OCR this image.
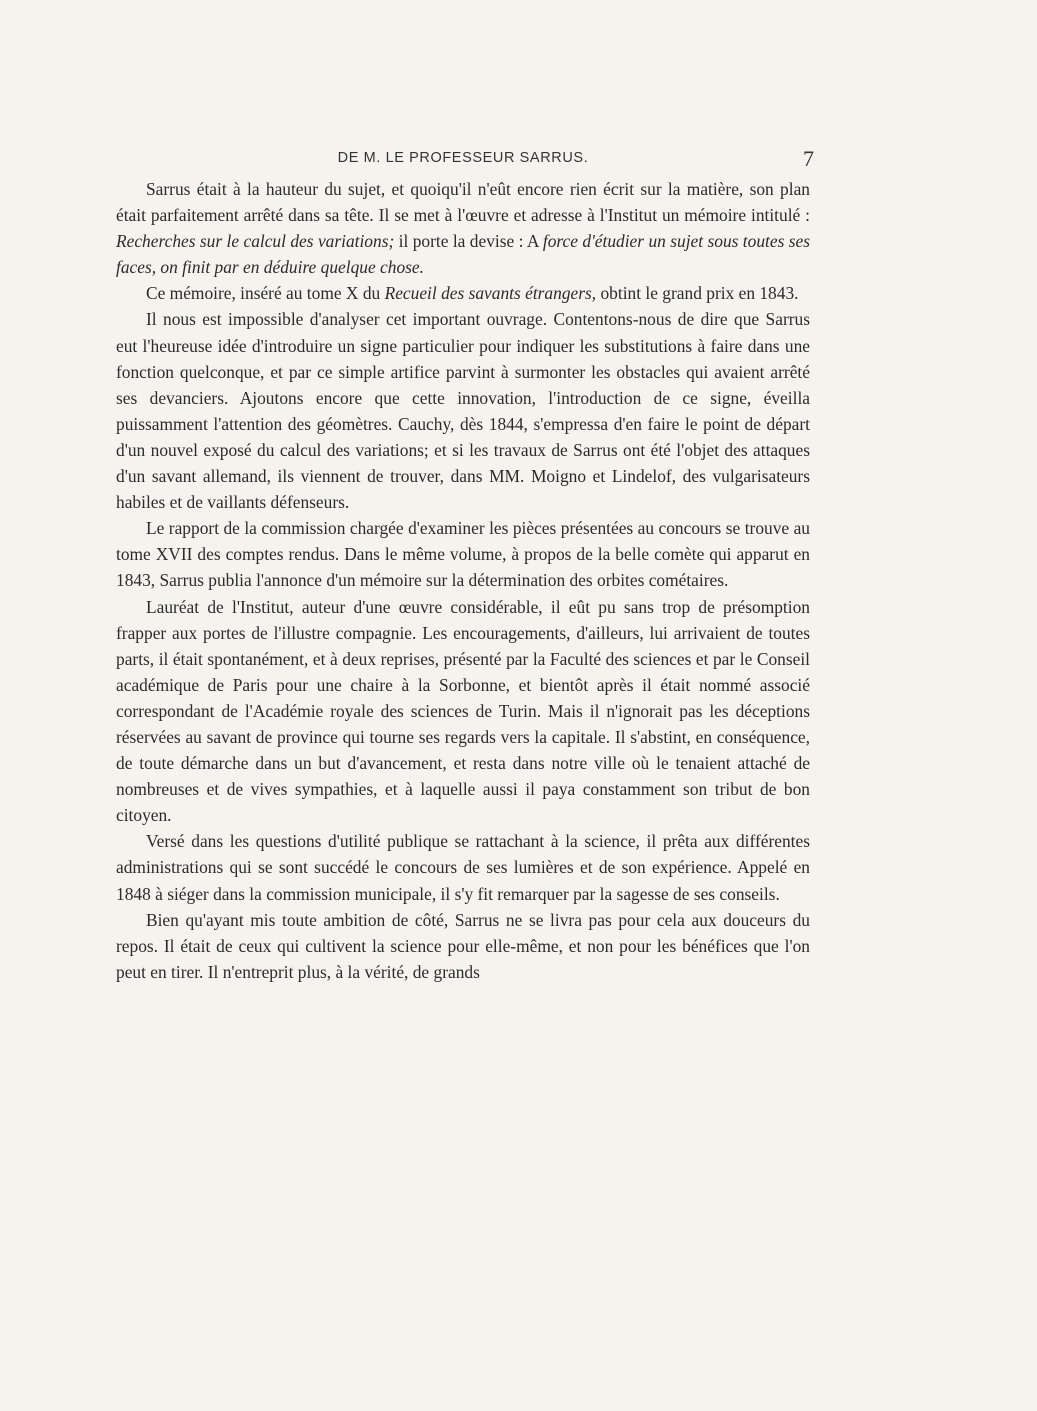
DE M. LE PROFESSEUR SARRUS.	7

Sarrus était à la hauteur du sujet, et quoiqu'il n'eût encore rien écrit sur la matière, son plan était parfaitement arrêté dans sa tête. Il se met à l'œuvre et adresse à l'Institut un mémoire intitulé : Recherches sur le calcul des variations; il porte la devise : A force d'étudier un sujet sous toutes ses faces, on finit par en déduire quelque chose.

Ce mémoire, inséré au tome X du Recueil des savants étrangers, obtint le grand prix en 1843.

Il nous est impossible d'analyser cet important ouvrage. Contentons-nous de dire que Sarrus eut l'heureuse idée d'introduire un signe particulier pour indiquer les substitutions à faire dans une fonction quelconque, et par ce simple artifice parvint à surmonter les obstacles qui avaient arrêté ses devanciers. Ajoutons encore que cette innovation, l'introduction de ce signe, éveilla puissamment l'attention des géomètres. Cauchy, dès 1844, s'empressa d'en faire le point de départ d'un nouvel exposé du calcul des variations; et si les travaux de Sarrus ont été l'objet des attaques d'un savant allemand, ils viennent de trouver, dans MM. Moigno et Lindelof, des vulgarisateurs habiles et de vaillants défenseurs.

Le rapport de la commission chargée d'examiner les pièces présentées au concours se trouve au tome XVII des comptes rendus. Dans le même volume, à propos de la belle comète qui apparut en 1843, Sarrus publia l'annonce d'un mémoire sur la détermination des orbites cométaires.

Lauréat de l'Institut, auteur d'une œuvre considérable, il eût pu sans trop de présomption frapper aux portes de l'illustre compagnie. Les encouragements, d'ailleurs, lui arrivaient de toutes parts, il était spontanément, et à deux reprises, présenté par la Faculté des sciences et par le Conseil académique de Paris pour une chaire à la Sorbonne, et bientôt après il était nommé associé correspondant de l'Académie royale des sciences de Turin. Mais il n'ignorait pas les déceptions réservées au savant de province qui tourne ses regards vers la capitale. Il s'abstint, en conséquence, de toute démarche dans un but d'avancement, et resta dans notre ville où le tenaient attaché de nombreuses et de vives sympathies, et à laquelle aussi il paya constamment son tribut de bon citoyen.

Versé dans les questions d'utilité publique se rattachant à la science, il prêta aux différentes administrations qui se sont succédé le concours de ses lumières et de son expérience. Appelé en 1848 à siéger dans la commission municipale, il s'y fit remarquer par la sagesse de ses conseils.

Bien qu'ayant mis toute ambition de côté, Sarrus ne se livra pas pour cela aux douceurs du repos. Il était de ceux qui cultivent la science pour elle-même, et non pour les bénéfices que l'on peut en tirer. Il n'entreprit plus, à la vérité, de grands
